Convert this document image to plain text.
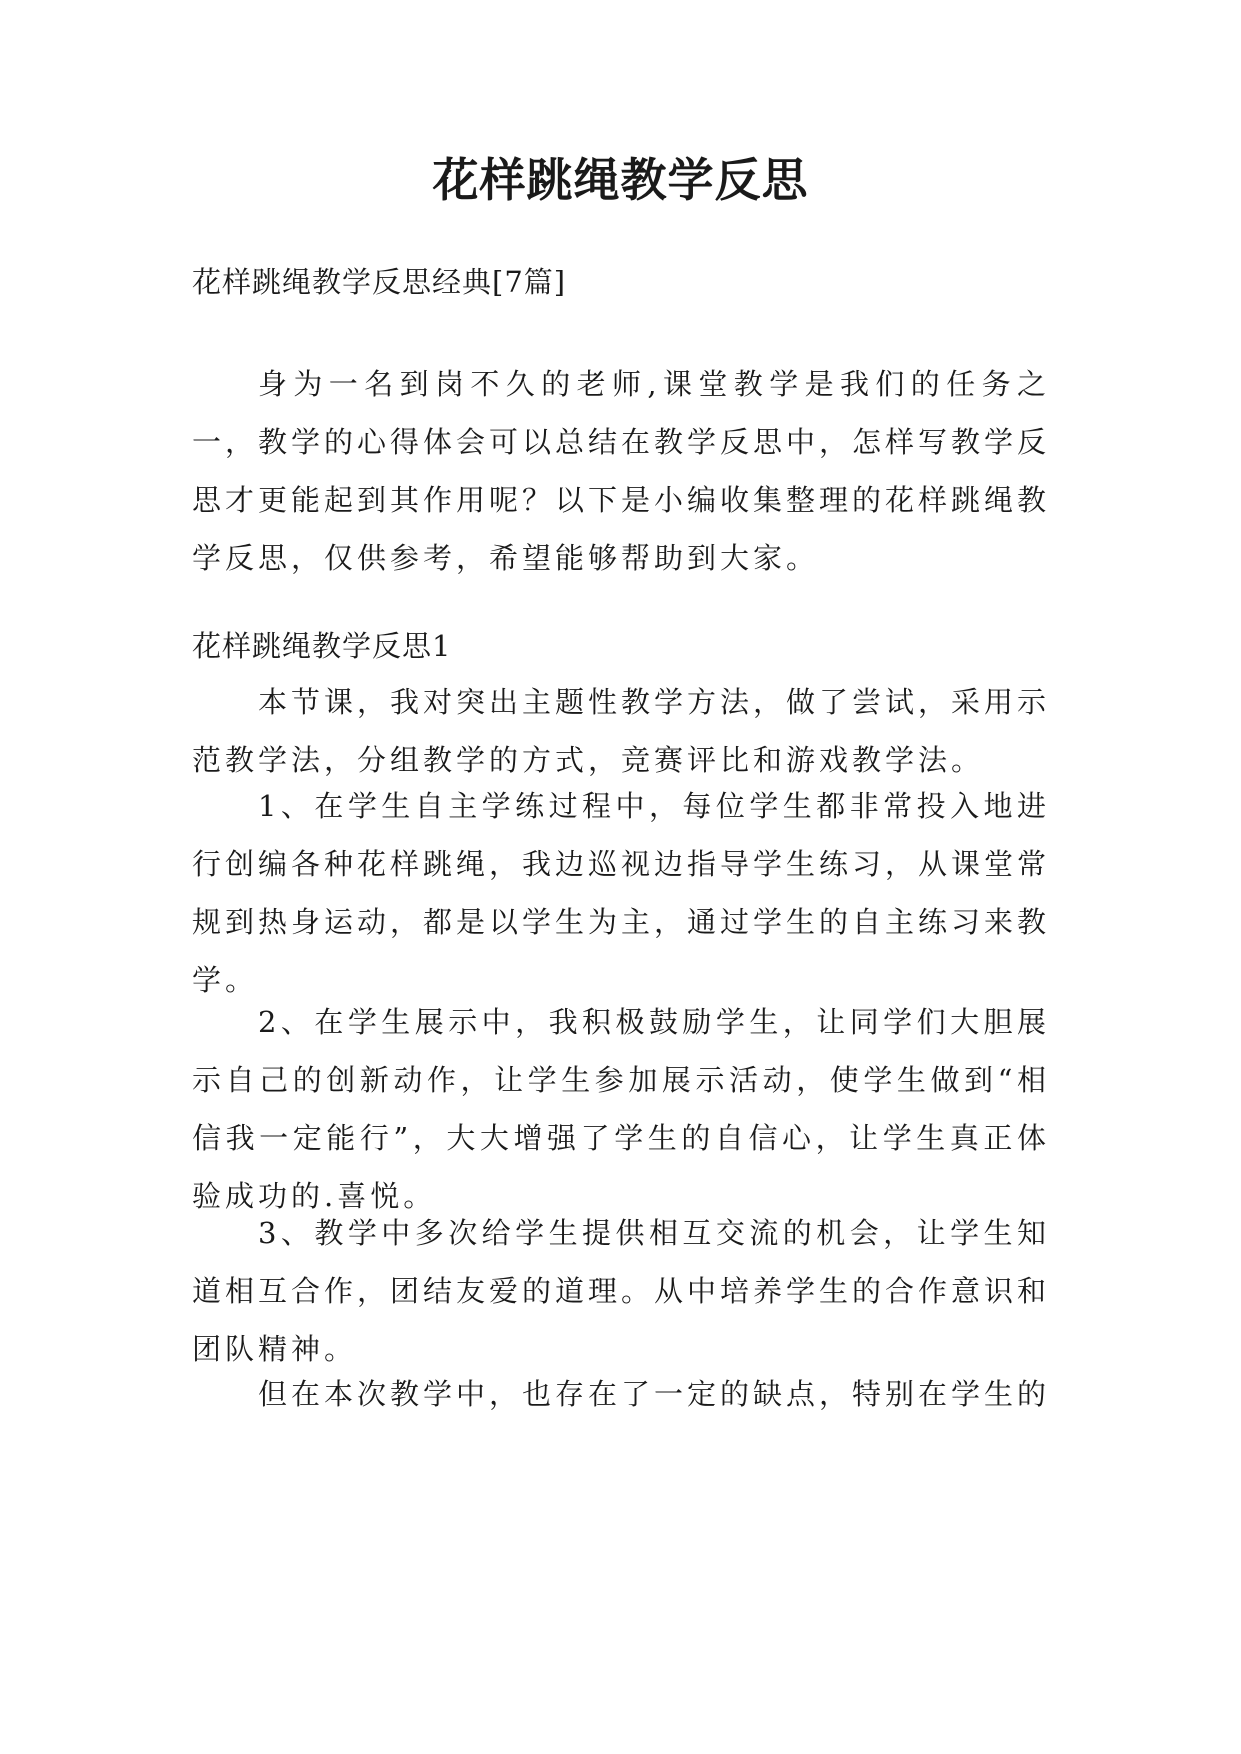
花样跳绳教学反思

花样跳绳教学反思经典[7篇]

身为一名到岗不久的老师,课堂教学是我们的任务之一，教学的心得体会可以总结在教学反思中，怎样写教学反思才更能起到其作用呢？以下是小编收集整理的花样跳绳教学反思，仅供参考，希望能够帮助到大家。

花样跳绳教学反思1

本节课，我对突出主题性教学方法，做了尝试，采用示范教学法，分组教学的方式，竞赛评比和游戏教学法。

1、在学生自主学练过程中，每位学生都非常投入地进行创编各种花样跳绳，我边巡视边指导学生练习，从课堂常规到热身运动，都是以学生为主，通过学生的自主练习来教学。

2、在学生展示中，我积极鼓励学生，让同学们大胆展示自己的创新动作，让学生参加展示活动，使学生做到“相信我一定能行”，大大增强了学生的自信心，让学生真正体验成功的.喜悦。

3、教学中多次给学生提供相互交流的机会，让学生知道相互合作，团结友爱的道理。从中培养学生的合作意识和团队精神。

但在本次教学中，也存在了一定的缺点，特别在学生的
